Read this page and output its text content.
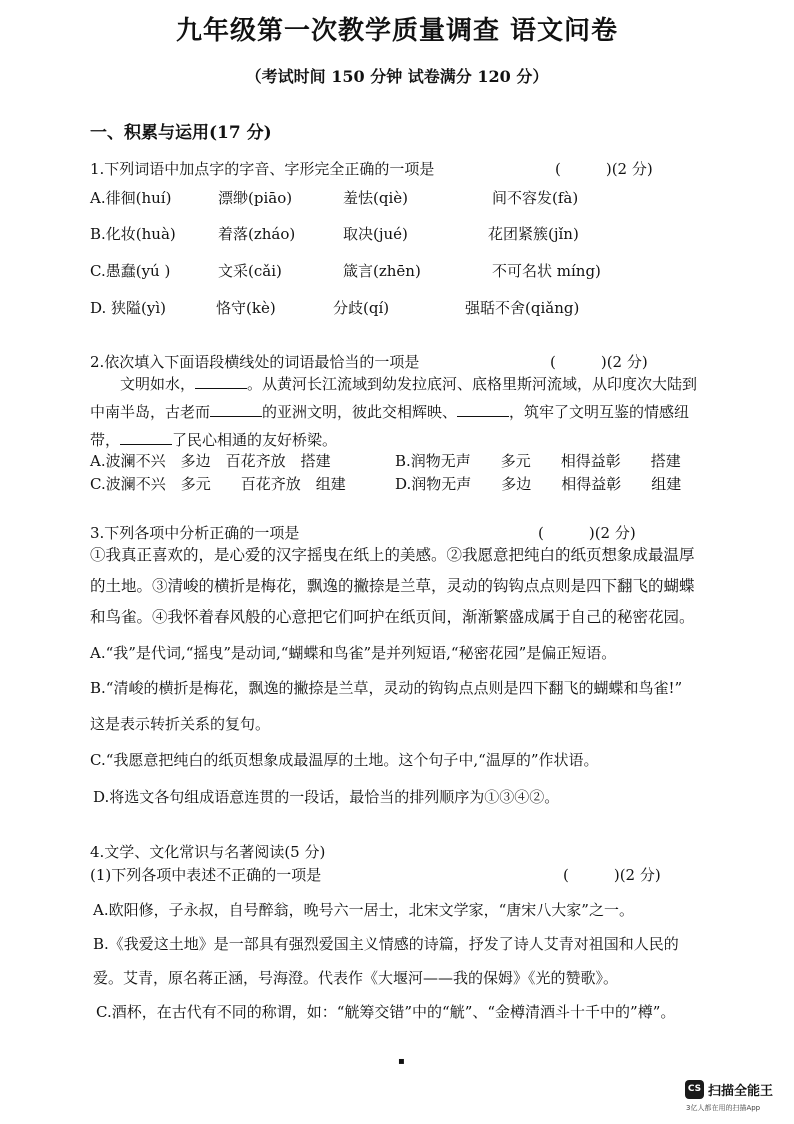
九年级第一次教学质量调查 语文问卷
（考试时间 150 分钟 试卷满分 120 分）
一、积累与运用(17 分)
1.下列词语中加点字的字音、字形完全正确的一项是	(　　　)(2 分)
A.徘徊(huí)	漂缈(piāo)	羞怯(qiè)	间不容发(fà)
B.化妆(huà)	着落(zháo)	取决(jué)	花团紧簇(jǐn)
C.愚蠢(yú )	文采(cǎi)	箴言(zhēn)	不可名状 míng)
D. 狭隘(yì)	恪守(kè)	分歧(qí)	强聒不舍(qiǎng)
2.依次填入下面语段横线处的词语最恰当的一项是	(　　　)(2 分)
文明如水，	。从黄河长江流域到幼发拉底河、底格里斯河流域，从印度次大陆到中南半岛，古老而	的亚洲文明，彼此交相辉映、	，筑牢了文明互鉴的情感纽带，	了民心相通的友好桥梁。
A.波澜不兴　多边　百花齐放　搭建	B.润物无声　　多元　　相得益彰　　搭建
C.波澜不兴　多元　　百花齐放　组建	D.润物无声　　多边　　相得益彰　　组建
3.下列各项中分析正确的一项是	(　　　)(2 分)
①我真正喜欢的，是心爱的汉字摇曳在纸上的美感。②我愿意把纯白的纸页想象成最温厚的土地。③清峻的横折是梅花，飘逸的撇捺是兰草，灵动的钩钩点点则是四下翻飞的蝴蝶和鸟雀。④我怀着春风般的心意把它们呵护在纸页间，渐渐繁盛成属于自己的秘密花园。
A.“我”是代词,“摇曳”是动词,“蝴蝶和鸟雀”是并列短语,“秘密花园”是偏正短语。
B.“清峻的横折是梅花，飘逸的撇捺是兰草，灵动的钩钩点点则是四下翻飞的蝴蝶和鸟雀!”
这是表示转折关系的复句。
C.“我愿意把纯白的纸页想象成最温厚的土地。这个句子中,“温厚的”作状语。
D.将选文各句组成语意连贯的一段话，最恰当的排列顺序为①③④②。
4.文学、文化常识与名著阅读(5 分)
(1)下列各项中表述不正确的一项是	(　　　)(2 分)
A.欧阳修，子永叔，自号醉翁，晚号六一居士，北宋文学家，“唐宋八大家”之一。
B.《我爱这土地》是一部具有强烈爱国主义情感的诗篇，抒发了诗人艾青对祖国和人民的
爱。艾青，原名蒋正涵，号海澄。代表作《大堰河——我的保姆》《光的赞歌》。
C.酒杯，在古代有不同的称谓，如：“觥筹交错”中的“觥”、“金樽清酒斗十千中的”樽”。
▪
CS 扫描全能王
3亿人都在用的扫描App
